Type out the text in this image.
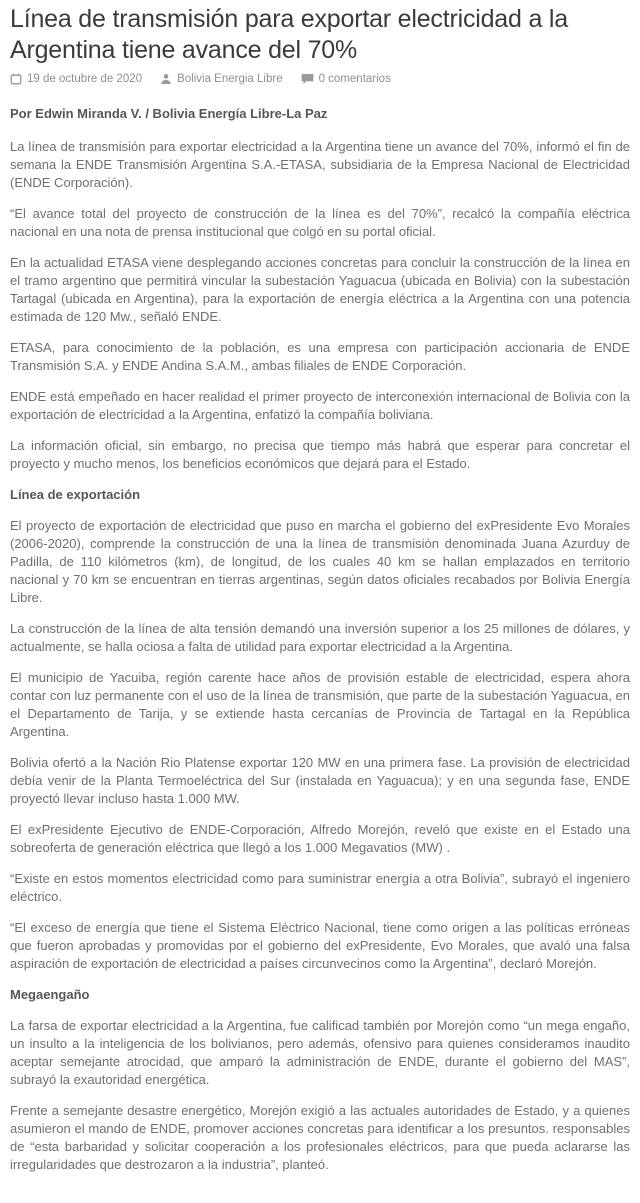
Línea de transmisión para exportar electricidad a la Argentina tiene avance del 70%
19 de octubre de 2020	Bolivia Energia Libre	0 comentarios

Por Edwin Miranda V. / Bolivia Energía Libre-La Paz

La línea de transmisión para exportar electricidad a la Argentina tiene un avance del 70%, informó el fin de semana la ENDE Transmisión Argentina S.A.-ETASA, subsidiaria de la Empresa Nacional de Electricidad (ENDE Corporación).

“El avance total del proyecto de construcción de la línea es del 70%”, recalcó la compañía eléctrica nacional en una nota de prensa institucional que colgó en su portal oficial.

En la actualidad ETASA viene desplegando acciones concretas para concluir la construcción de la línea en el tramo argentino que permitirá vincular la subestación Yaguacua (ubicada en Bolivia) con la subestación Tartagal (ubicada en Argentina), para la exportación de energía eléctrica a la Argentina con una potencia estimada de 120 Mw., señaló ENDE.

ETASA, para conocimiento de la población, es una empresa con participación accionaria de ENDE Transmisión S.A. y ENDE Andina S.A.M., ambas filiales de ENDE Corporación.

ENDE está empeñado en hacer realidad el primer proyecto de interconexión internacional de Bolivia con la exportación de electricidad a la Argentina, enfatizó la compañía boliviana.

La información oficial, sin embargo, no precisa que tiempo más habrá que esperar para concretar el proyecto y mucho menos, los beneficios económicos que dejará para el Estado.

Línea de exportación

El proyecto de exportación de electricidad que puso en marcha el gobierno del exPresidente Evo Morales (2006-2020), comprende la construcción de una la línea de transmisión denominada Juana Azurduy de Padilla, de 110 kilómetros (km), de longitud, de los cuales 40 km se hallan emplazados en territorio nacional y 70 km se encuentran en tierras argentinas, según datos oficiales recabados por Bolivia Energía Libre.

La construcción de la línea de alta tensión demandó una inversión superior a los 25 millones de dólares, y actualmente, se halla ociosa a falta de utilidad para exportar electricidad a la Argentina.

El municipio de Yacuiba, región carente hace años de provisión estable de electricidad, espera ahora contar con luz permanente con el uso de la línea de transmisión, que parte de la subestación Yaguacua, en el Departamento de Tarija, y se extiende hasta cercanías de Provincia de Tartagal en la República Argentina.

Bolivia ofertó a la Nación Rio Platense exportar 120 MW en una primera fase. La provisión de electricidad debía venir de la Planta Termoeléctrica del Sur (instalada en Yaguacua); y en una segunda fase, ENDE proyectó llevar incluso hasta 1.000 MW.

El exPresidente Ejecutivo de ENDE-Corporación, Alfredo Morejón, reveló que existe en el Estado una sobreoferta de generación eléctrica que llegó a los 1.000 Megavatios (MW) .

“Existe en estos momentos electricidad como para suministrar energía a otra Bolivia”, subrayó el ingeniero eléctrico.

“El exceso de energía que tiene el Sistema Eléctrico Nacional, tiene como origen a las políticas erróneas que fueron aprobadas y promovidas por el gobierno del exPresidente, Evo Morales, que avaló una falsa aspiración de exportación de electricidad a países circunvecinos como la Argentina”, declaró Morejón.

Megaengaño

La farsa de exportar electricidad a la Argentina, fue calificad también por Morejón como “un mega engaño, un insulto a la inteligencia de los bolivianos, pero además, ofensivo para quienes consideramos inaudito aceptar semejante atrocidad, que amparó la administración de ENDE, durante el gobierno del MAS”, subrayó la exautoridad energética.

Frente a semejante desastre energético, Morejón exigió a las actuales autoridades de Estado, y a quienes asumieron el mando de ENDE, promover acciones concretas para identificar a los presuntos. responsables de “esta barbaridad y solicitar cooperación a los profesionales eléctricos, para que pueda aclararse las irregularidades que destrozaron a la industria”, planteó.
